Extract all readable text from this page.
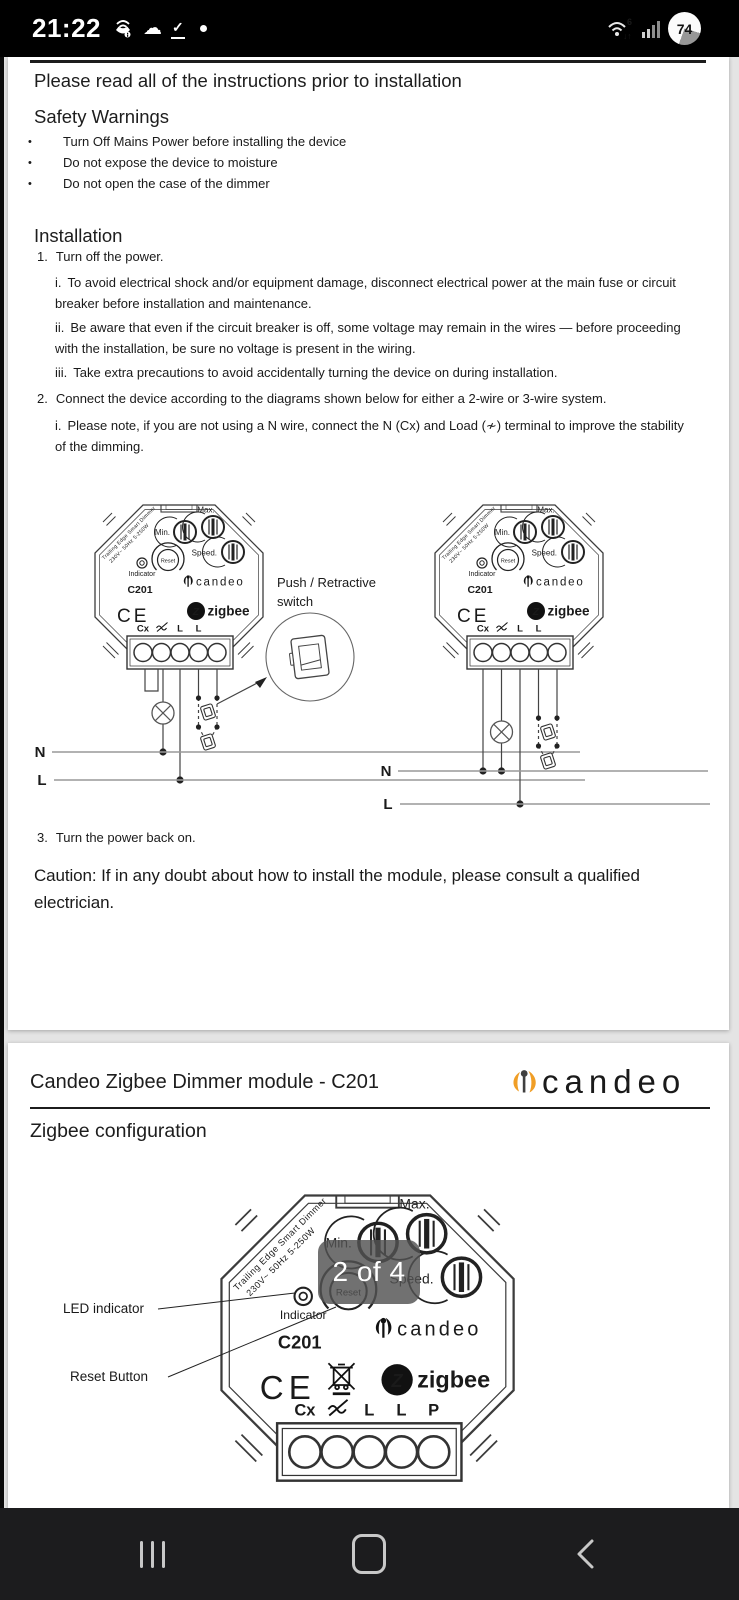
21:22 ☁ ✓	6
↓↑	74
Please read all of the instructions prior to installation
Safety Warnings
• Turn Off Mains Power before installing the device
• Do not expose the device to moisture
• Do not open the case of the dimmer
Installation

1. Turn off the power.

i. To avoid electrical shock and/or equipment damage, disconnect electrical power at the main fuse or circuit breaker before installation and maintenance.

ii. Be aware that even if the circuit breaker is off, some voltage may remain in the wires — before proceeding with the installation, be sure no voltage is present in the wiring.

iii. Take extra precautions to avoid accidentally turning the device on during installation.

2. Connect the device according to the diagrams shown below for either a 2-wire or 3-wire system.

i. Please note, if you are not using a N wire, connect the N (Cx) and Load (≁) terminal to improve the stability of the dimming.

N
L
Push / Retractive
switch
N
L

3. Turn the power back on.

Caution: If in any doubt about how to install the module, please consult a qualified electrician.

Candeo Zigbee Dimmer module - C201	candeo
Zigbee configuration
P
LED indicator
Reset Button
2 of 4
